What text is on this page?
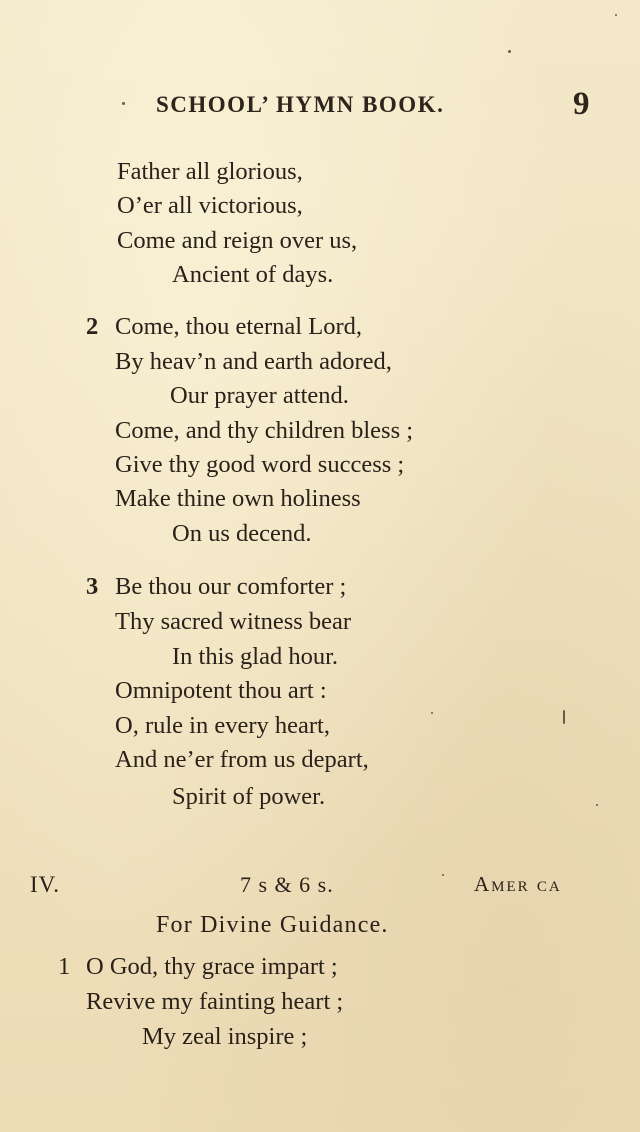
SCHOOL’ HYMN BOOK.	9
Father all glorious,
O’er all victorious,
Come and reign over us,
Ancient of days.
2 Come, thou eternal Lord,
By heav’n and earth adored,
Our prayer attend.
Come, and thy children bless ;
Give thy good word success ;
Make thine own holiness
On us decend.
3 Be thou our comforter ;
Thy sacred witness bear
In this glad hour.
Omnipotent thou art :
O, rule in every heart,
And ne’er from us depart,
Spirit of power.
IV.	7 s & 6 s.	Amer ca
For Divine Guidance.
1 O God, thy grace impart ;
Revive my fainting heart ;
My zeal inspire ;
